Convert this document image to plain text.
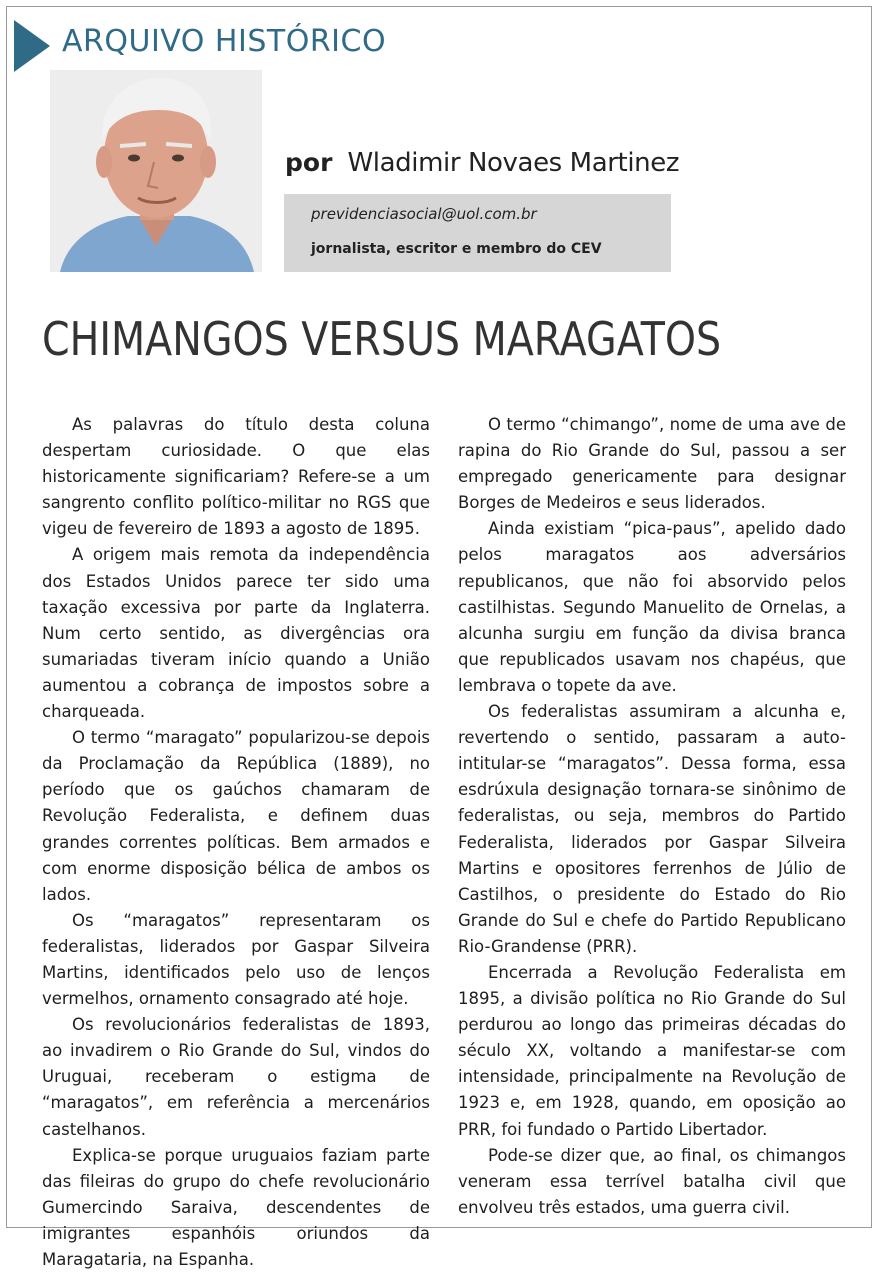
ARQUIVO HISTÓRICO
por Wladimir Novaes Martinez
previdenciasocial@uol.com.br
jornalista, escritor e membro do CEV
CHIMANGOS VERSUS MARAGATOS

As palavras do título desta coluna despertam curiosidade. O que elas historicamente significariam? Refere-se a um sangrento conflito político-militar no RGS que vigeu de fevereiro de 1893 a agosto de 1895.

A origem mais remota da independência dos Estados Unidos parece ter sido uma taxação excessiva por parte da Inglaterra. Num certo sentido, as divergências ora sumariadas tiveram início quando a União aumentou a cobrança de impostos sobre a charqueada.

O termo “maragato” popularizou-se depois da Proclamação da República (1889), no período que os gaúchos chamaram de Revolução Federalista, e definem duas grandes correntes políticas. Bem armados e com enorme disposição bélica de ambos os lados.

Os “maragatos” representaram os federalistas, liderados por Gaspar Silveira Martins, identificados pelo uso de lenços vermelhos, ornamento consagrado até hoje.

Os revolucionários federalistas de 1893, ao invadirem o Rio Grande do Sul, vindos do Uruguai, receberam o estigma de “maragatos”, em referência a mercenários castelhanos.

Explica-se porque uruguaios faziam parte das fileiras do grupo do chefe revolucionário Gumercindo Saraiva, descendentes de imigrantes espanhóis oriundos da Maragataria, na Espanha.

O termo “chimango”, nome de uma ave de rapina do Rio Grande do Sul, passou a ser empregado genericamente para designar Borges de Medeiros e seus liderados.

Ainda existiam “pica-paus”, apelido dado pelos maragatos aos adversários republicanos, que não foi absorvido pelos castilhistas. Segundo Manuelito de Ornelas, a alcunha surgiu em função da divisa branca que republicados usavam nos chapéus, que lembrava o topete da ave.

Os federalistas assumiram a alcunha e, revertendo o sentido, passaram a auto-intitular-se “maragatos”. Dessa forma, essa esdrúxula designação tornara-se sinônimo de federalistas, ou seja, membros do Partido Federalista, liderados por Gaspar Silveira Martins e opositores ferrenhos de Júlio de Castilhos, o presidente do Estado do Rio Grande do Sul e chefe do Partido Republicano Rio-Grandense (PRR).

Encerrada a Revolução Federalista em 1895, a divisão política no Rio Grande do Sul perdurou ao longo das primeiras décadas do século XX, voltando a manifestar-se com intensidade, principalmente na Revolução de 1923 e, em 1928, quando, em oposição ao PRR, foi fundado o Partido Libertador.

Pode-se dizer que, ao final, os chimangos veneram essa terrível batalha civil que envolveu três estados, uma guerra civil.
